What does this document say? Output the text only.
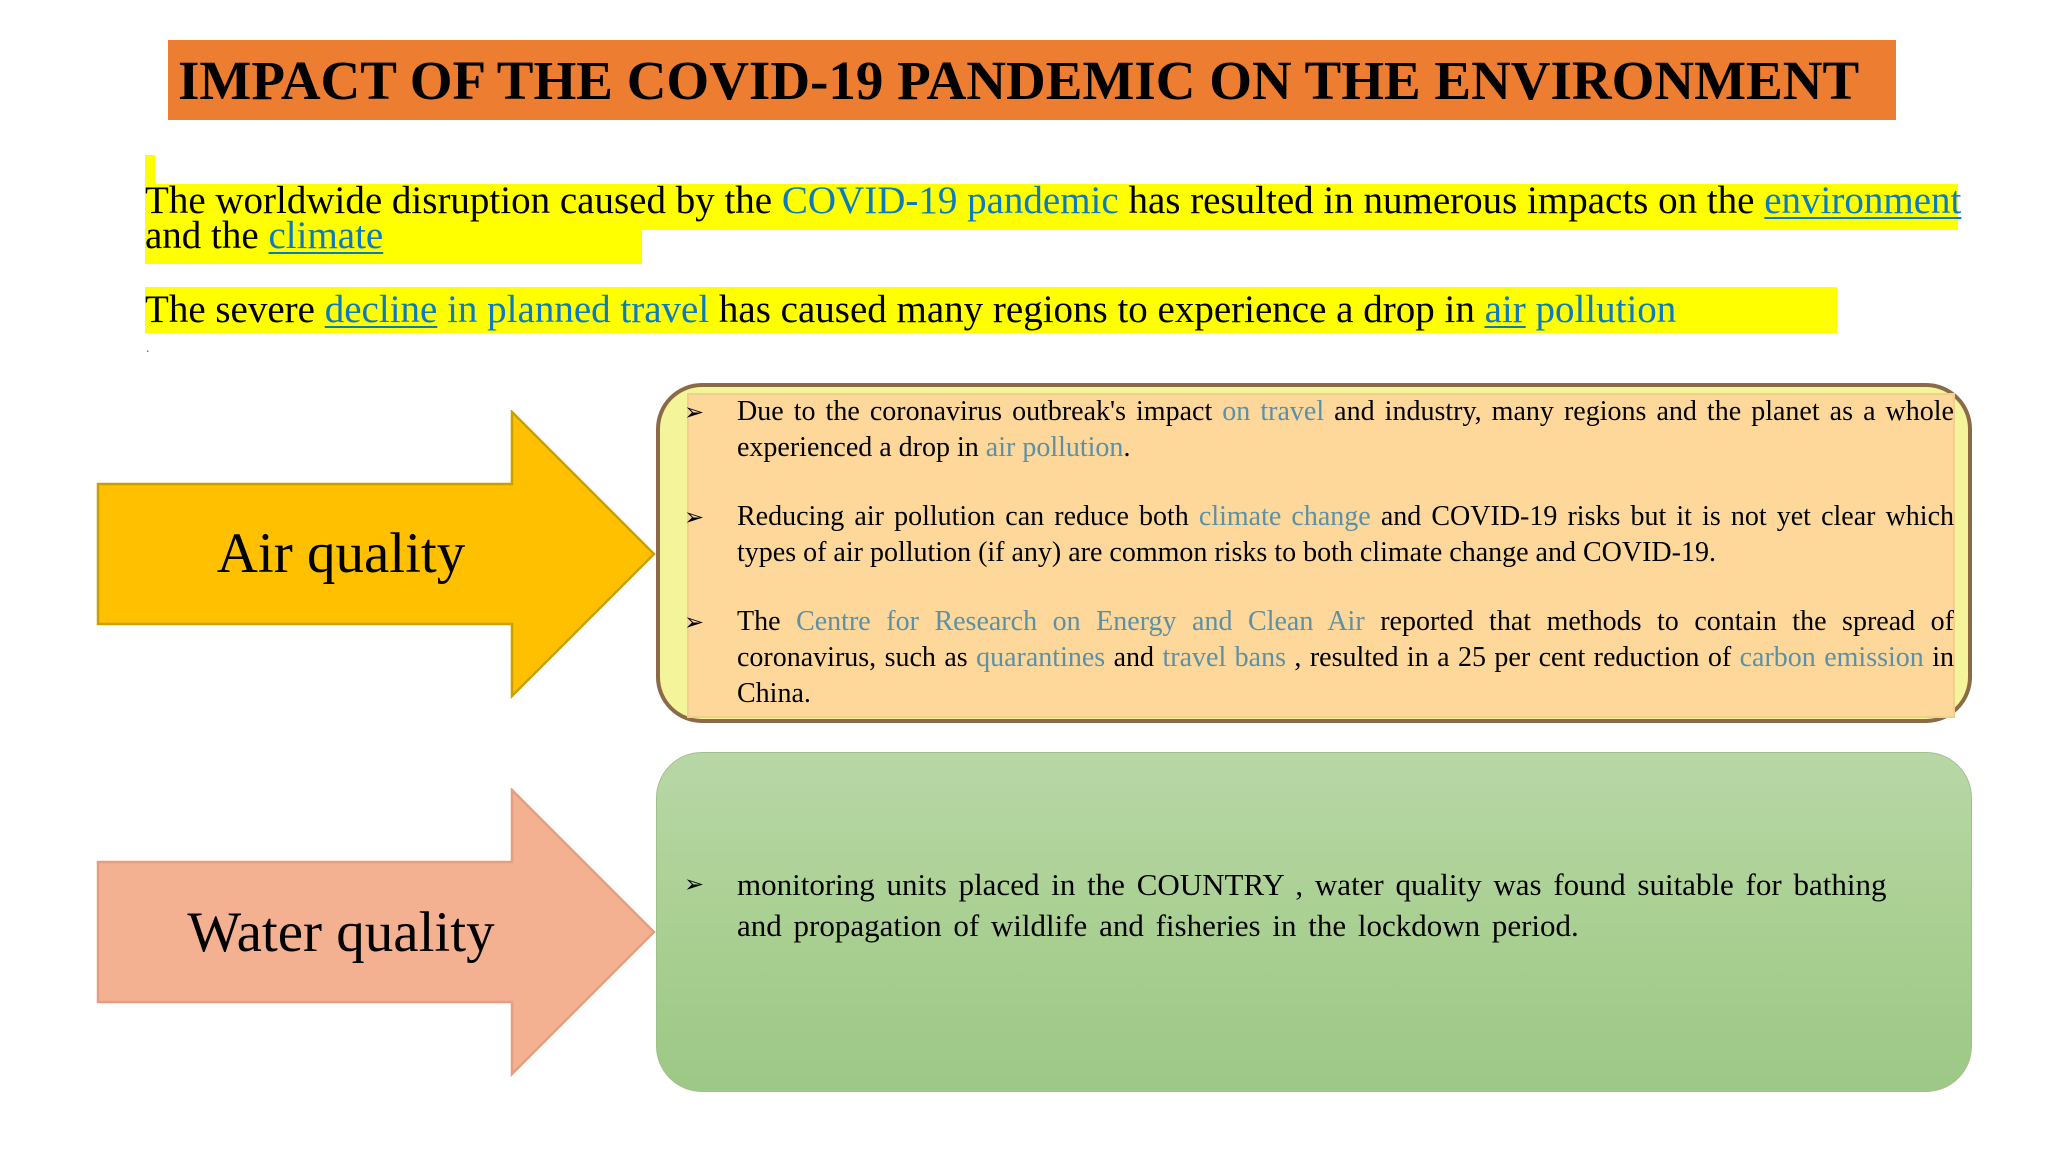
IMPACT OF THE COVID-19 PANDEMIC ON THE ENVIRONMENT
The worldwide disruption caused by the COVID-19 pandemic has resulted in numerous impacts on the environment and the climate
The severe decline in planned travel has caused many regions to experience a drop in air pollution
.
Air quality
Water quality
➢ Due to the coronavirus outbreak's impact on travel and industry, many regions and the planet as a whole experienced a drop in air pollution.
➢ Reducing air pollution can reduce both climate change and COVID-19 risks but it is not yet clear which types of air pollution (if any) are common risks to both climate change and COVID-19.
➢ The Centre for Research on Energy and Clean Air reported that methods to contain the spread of coronavirus, such as quarantines and travel bans , resulted in a 25 per cent reduction of carbon emission in China.
➢ monitoring units placed in the COUNTRY , water quality was found suitable for bathing and propagation of wildlife and fisheries in the lockdown period.
